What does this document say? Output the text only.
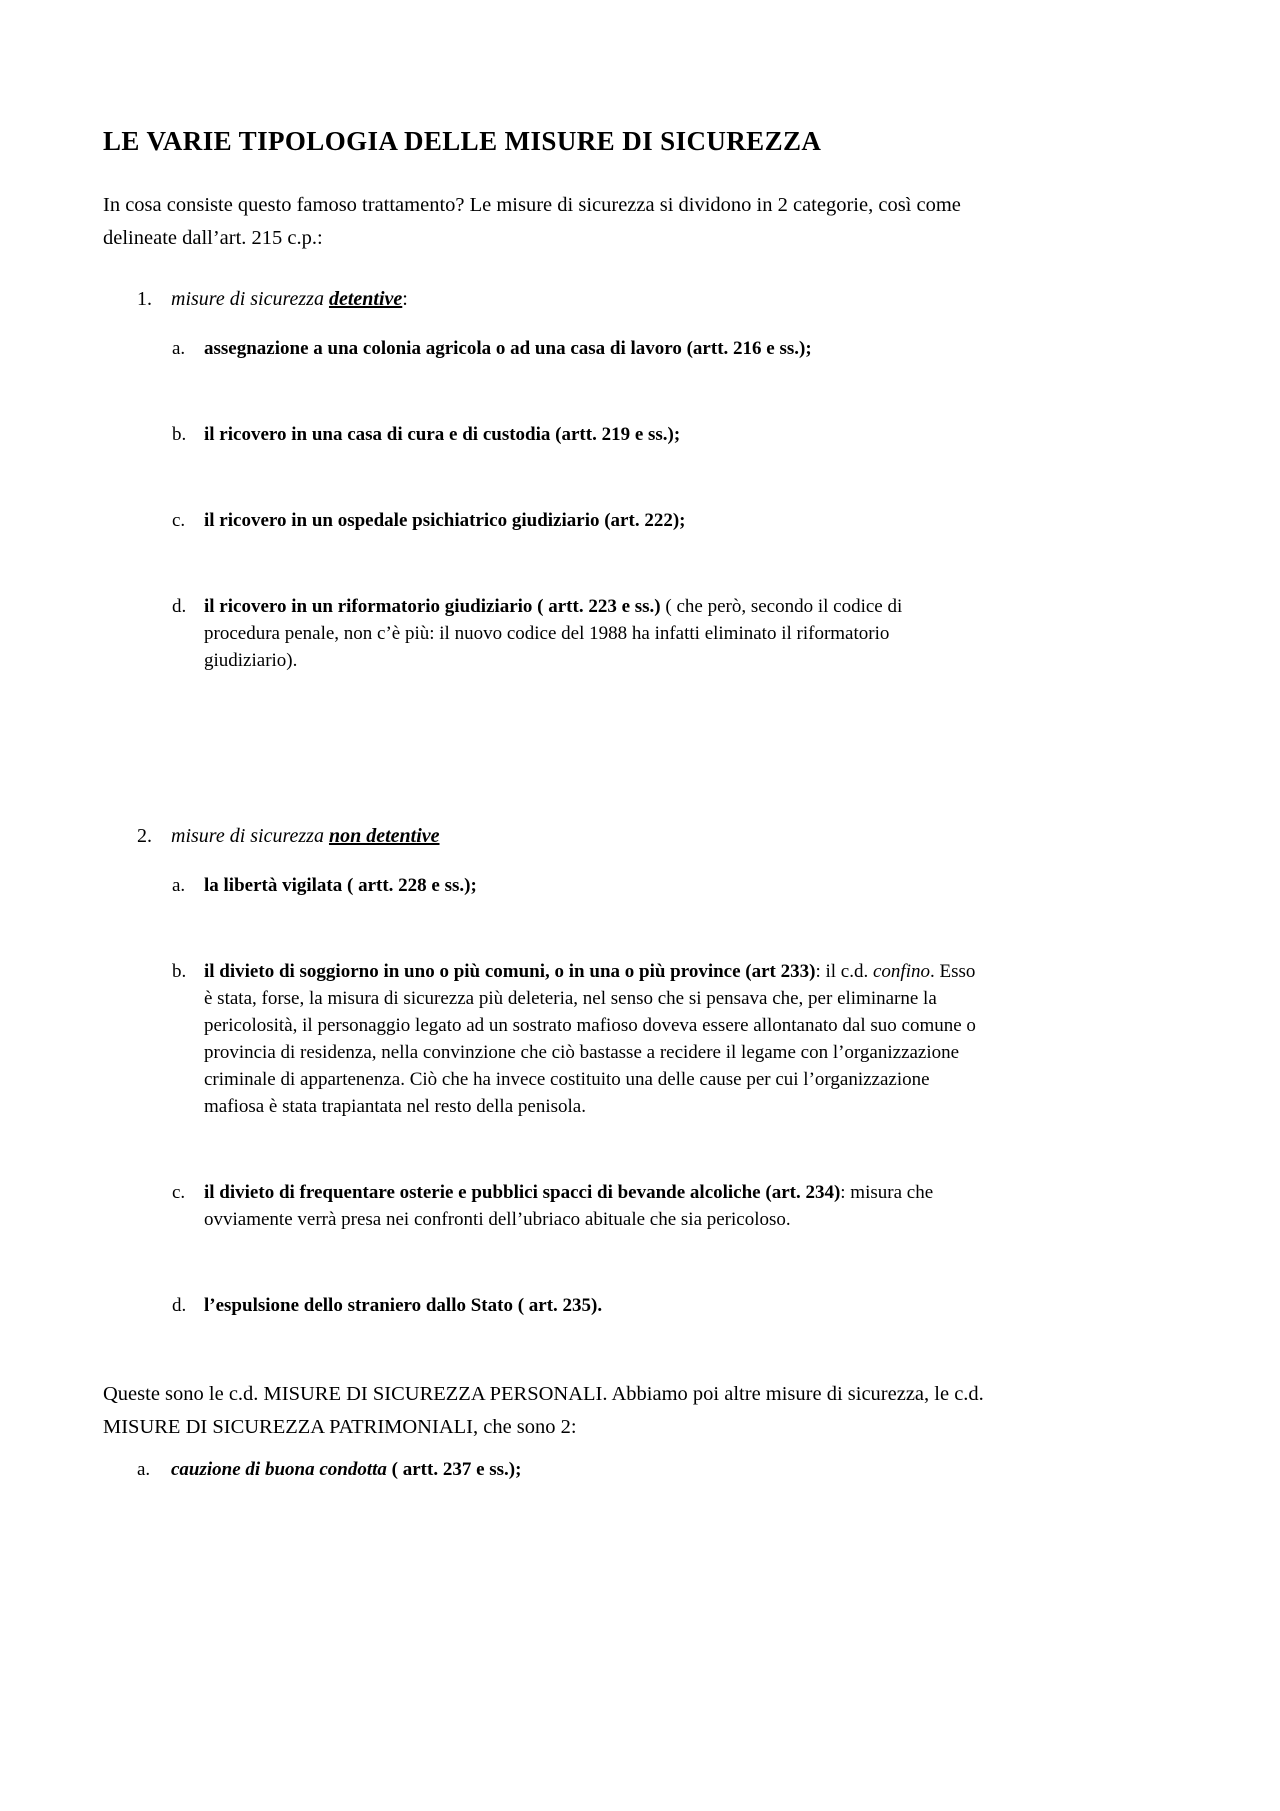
LE VARIE TIPOLOGIA DELLE MISURE DI SICUREZZA

In cosa consiste questo famoso trattamento? Le misure di sicurezza si dividono in 2 categorie, così come delineate dall’art. 215 c.p.:

1. misure di sicurezza detentive:
a. assegnazione a una colonia agricola o ad una casa di lavoro (artt. 216 e ss.);
b. il ricovero in una casa di cura e di custodia (artt. 219 e ss.);
c. il ricovero in un ospedale psichiatrico giudiziario (art. 222);
d. il ricovero in un riformatorio giudiziario ( artt. 223 e ss.) ( che però, secondo il codice di procedura penale, non c’è più: il nuovo codice del 1988 ha infatti eliminato il riformatorio giudiziario).
2. misure di sicurezza non detentive
a. la libertà vigilata ( artt. 228 e ss.);
b. il divieto di soggiorno in uno o più comuni, o in una o più province (art 233): il c.d. confino. Esso è stata, forse, la misura di sicurezza più deleteria, nel senso che si pensava che, per eliminarne la pericolosità, il personaggio legato ad un sostrato mafioso doveva essere allontanato dal suo comune o provincia di residenza, nella convinzione che ciò bastasse a recidere il legame con l’organizzazione criminale di appartenenza. Ciò che ha invece costituito una delle cause per cui l’organizzazione mafiosa è stata trapiantata nel resto della penisola.
c. il divieto di frequentare osterie e pubblici spacci di bevande alcoliche (art. 234): misura che ovviamente verrà presa nei confronti dell’ubriaco abituale che sia pericoloso.
d. l’espulsione dello straniero dallo Stato ( art. 235).

Queste sono le c.d. MISURE DI SICUREZZA PERSONALI. Abbiamo poi altre misure di sicurezza, le c.d. MISURE DI SICUREZZA PATRIMONIALI, che sono 2:

a.	cauzione di buona condotta ( artt. 237 e ss.);
